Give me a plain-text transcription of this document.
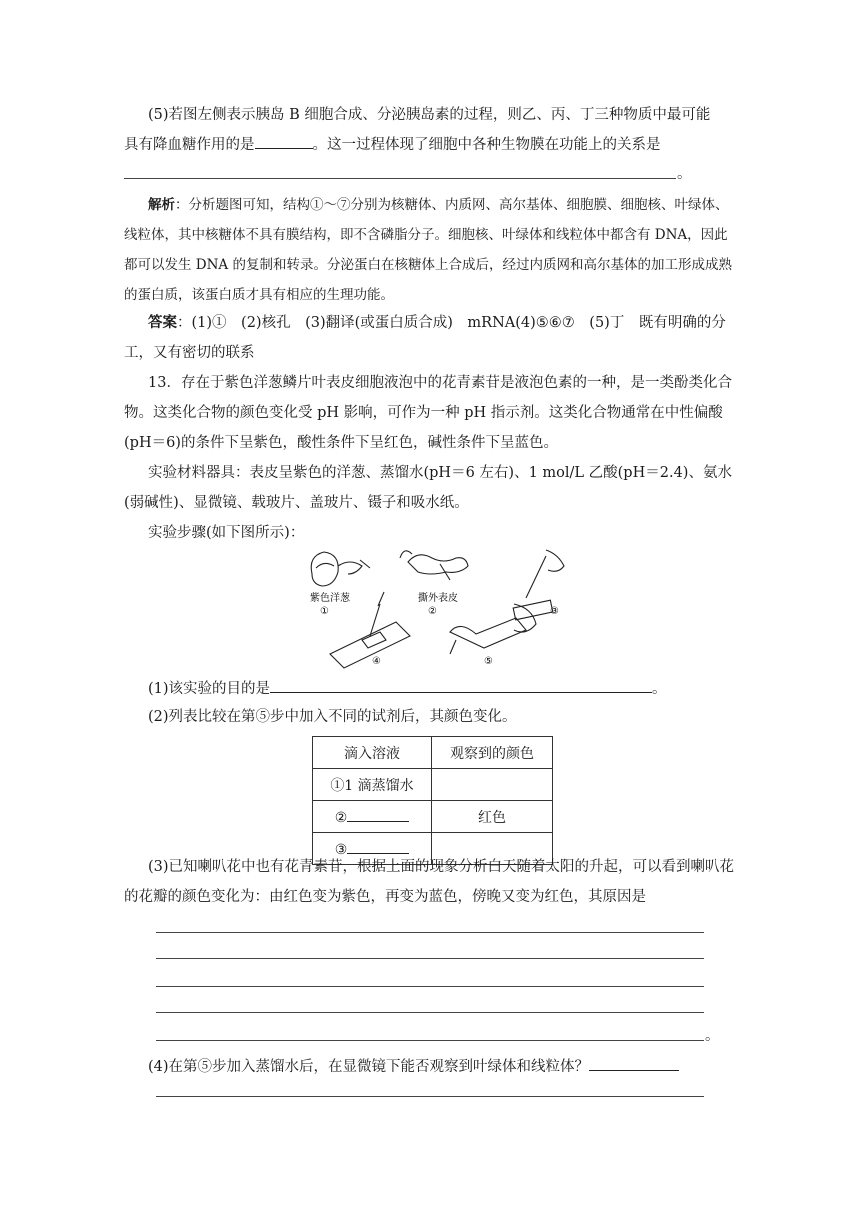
(5)若图左侧表示胰岛 B 细胞合成、分泌胰岛素的过程，则乙、丙、丁三种物质中最可能

具有降血糖作用的是	。这一过程体现了细胞中各种生物膜在功能上的关系是

。

解析：分析题图可知，结构①～⑦分别为核糖体、内质网、高尔基体、细胞膜、细胞核、叶绿体、线粒体，其中核糖体不具有膜结构，即不含磷脂分子。细胞核、叶绿体和线粒体中都含有 DNA，因此都可以发生 DNA 的复制和转录。分泌蛋白在核糖体上合成后，经过内质网和高尔基体的加工形成成熟的蛋白质，该蛋白质才具有相应的生理功能。

答案：(1)①　(2)核孔　(3)翻译(或蛋白质合成)　mRNA(4)⑤⑥⑦　(5)丁　既有明确的分工，又有密切的联系

13．存在于紫色洋葱鳞片叶表皮细胞液泡中的花青素苷是液泡色素的一种，是一类酚类化合物。这类化合物的颜色变化受 pH 影响，可作为一种 pH 指示剂。这类化合物通常在中性偏酸(pH＝6)的条件下呈紫色，酸性条件下呈红色，碱性条件下呈蓝色。

实验材料器具：表皮呈紫色的洋葱、蒸馏水(pH＝6 左右)、1 mol/L 乙酸(pH＝2.4)、氨水(弱碱性)、显微镜、载玻片、盖玻片、镊子和吸水纸。

实验步骤(如下图所示)：

紫色洋葱
①
撕外表皮
②	③
④	⑤

(1)该实验的目的是	。

(2)列表比较在第⑤步中加入不同的试剂后，其颜色变化。

滴入溶液	观察到的颜色
①1 滴蒸馏水	
②	红色
③	

(3)已知喇叭花中也有花青素苷，根据上面的现象分析白天随着太阳的升起，可以看到喇叭花的花瓣的颜色变化为：由红色变为紫色，再变为蓝色，傍晚又变为红色，其原因是

。

(4)在第⑤步加入蒸馏水后，在显微镜下能否观察到叶绿体和线粒体？
